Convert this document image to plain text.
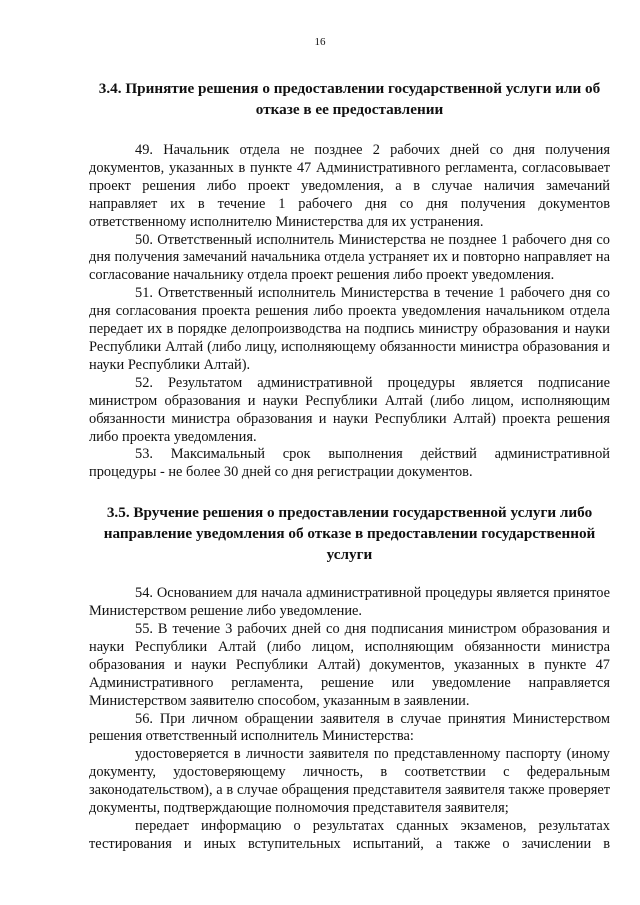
16
3.4. Принятие решения о предоставлении государственной услуги или об отказе в ее предоставлении

49. Начальник отдела не позднее 2 рабочих дней со дня получения документов, указанных в пункте 47 Административного регламента, согласовывает проект решения либо проект уведомления, а в случае наличия замечаний направляет их в течение 1 рабочего дня со дня получения документов ответственному исполнителю Министерства для их устранения.

50. Ответственный исполнитель Министерства не позднее 1 рабочего дня со дня получения замечаний начальника отдела устраняет их и повторно направляет на согласование начальнику отдела проект решения либо проект уведомления.

51. Ответственный исполнитель Министерства в течение 1 рабочего дня со дня согласования проекта решения либо проекта уведомления начальником отдела передает их в порядке делопроизводства на подпись министру образования и науки Республики Алтай (либо лицу, исполняющему обязанности министра образования и науки Республики Алтай).

52. Результатом административной процедуры является подписание министром образования и науки Республики Алтай (либо лицом, исполняющим обязанности министра образования и науки Республики Алтай) проекта решения либо проекта уведомления.

53. Максимальный срок выполнения действий административной процедуры - не более 30 дней со дня регистрации документов.

3.5. Вручение решения о предоставлении государственной услуги либо направление уведомления об отказе в предоставлении государственной услуги

54. Основанием для начала административной процедуры является принятое Министерством решение либо уведомление.

55. В течение 3 рабочих дней со дня подписания министром образования и науки Республики Алтай (либо лицом, исполняющим обязанности министра образования и науки Республики Алтай) документов, указанных в пункте 47 Административного регламента, решение или уведомление направляется Министерством заявителю способом, указанным в заявлении.

56. При личном обращении заявителя в случае принятия Министерством решения ответственный исполнитель Министерства:

удостоверяется в личности заявителя по представленному паспорту (иному документу, удостоверяющему личность, в соответствии с федеральным законодательством), а в случае обращения представителя заявителя также проверяет документы, подтверждающие полномочия представителя заявителя;

передает информацию о результатах сданных экзаменов, результатах тестирования и иных вступительных испытаний, а также о зачислении в
